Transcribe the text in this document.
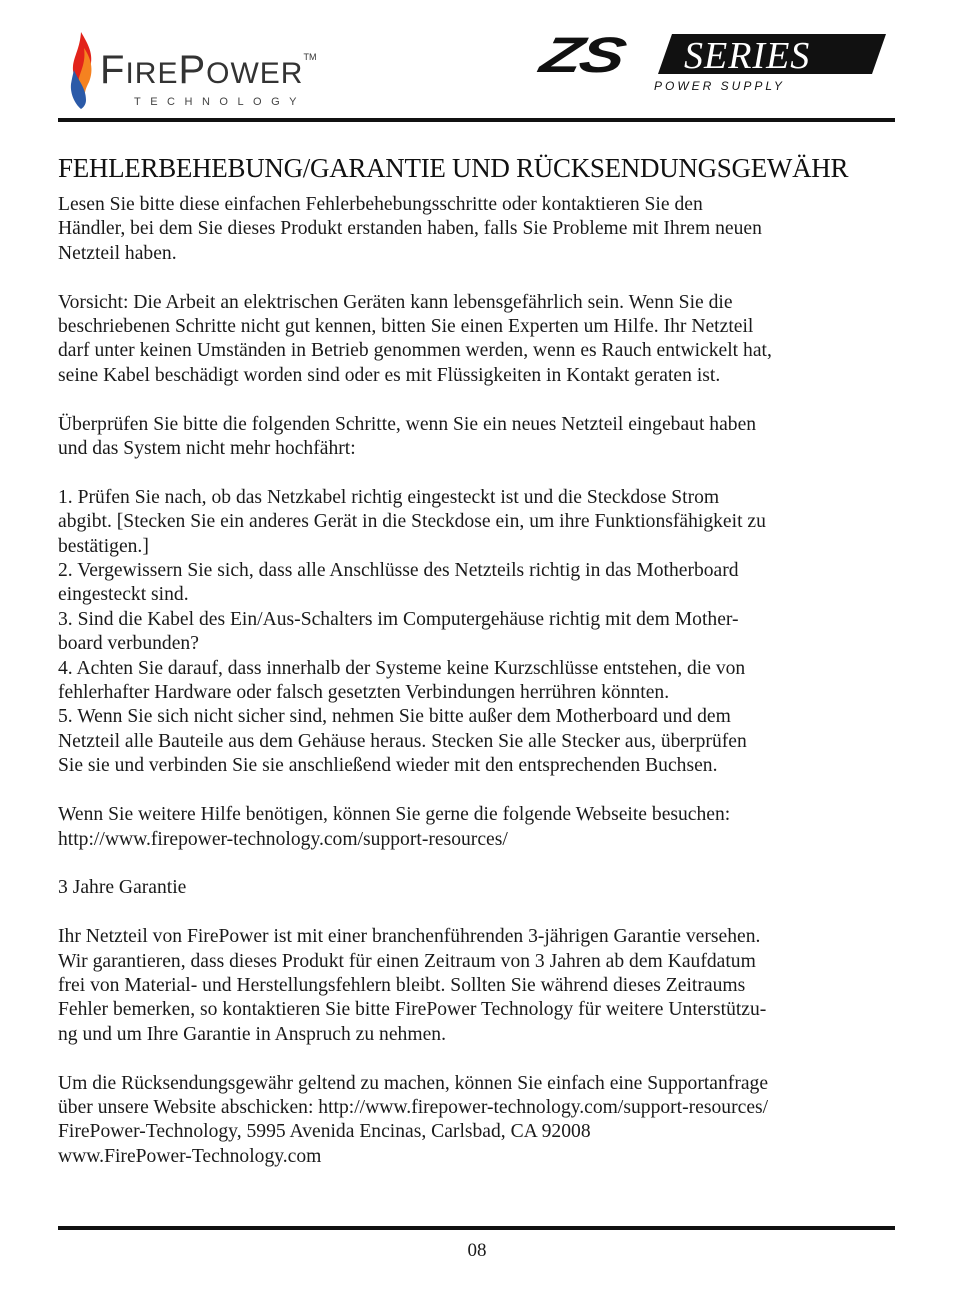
FIREPOWER™
TECHNOLOGY
ZS SERIES
POWER SUPPLY
FEHLERBEHEBUNG/GARANTIE UND RÜCKSENDUNGSGEWÄHR

Lesen Sie bitte diese einfachen Fehlerbehebungsschritte oder kontaktieren Sie den

Händler, bei dem Sie dieses Produkt erstanden haben, falls Sie Probleme mit Ihrem neuen

Netzteil haben.

Vorsicht: Die Arbeit an elektrischen Geräten kann lebensgefährlich sein. Wenn Sie die

beschriebenen Schritte nicht gut kennen, bitten Sie einen Experten um Hilfe. Ihr Netzteil

darf unter keinen Umständen in Betrieb genommen werden, wenn es Rauch entwickelt hat,

seine Kabel beschädigt worden sind oder es mit Flüssigkeiten in Kontakt geraten ist.

Überprüfen Sie bitte die folgenden Schritte, wenn Sie ein neues Netzteil eingebaut haben

und das System nicht mehr hochfährt:

1. Prüfen Sie nach, ob das Netzkabel richtig eingesteckt ist und die Steckdose Strom

abgibt. [Stecken Sie ein anderes Gerät in die Steckdose ein, um ihre Funktionsfähigkeit zu

bestätigen.]

2. Vergewissern Sie sich, dass alle Anschlüsse des Netzteils richtig in das Motherboard

eingesteckt sind.

3. Sind die Kabel des Ein/Aus-Schalters im Computergehäuse richtig mit dem Mother-

board verbunden?

4. Achten Sie darauf, dass innerhalb der Systeme keine Kurzschlüsse entstehen, die von

fehlerhafter Hardware oder falsch gesetzten Verbindungen herrühren könnten.

5. Wenn Sie sich nicht sicher sind, nehmen Sie bitte außer dem Motherboard und dem

Netzteil alle Bauteile aus dem Gehäuse heraus. Stecken Sie alle Stecker aus, überprüfen

Sie sie und verbinden Sie sie anschließend wieder mit den entsprechenden Buchsen.

Wenn Sie weitere Hilfe benötigen, können Sie gerne die folgende Webseite besuchen:

http://www.firepower-technology.com/support-resources/

3 Jahre Garantie

Ihr Netzteil von FirePower ist mit einer branchenführenden 3-jährigen Garantie versehen.

Wir garantieren, dass dieses Produkt für einen Zeitraum von 3 Jahren ab dem Kaufdatum

frei von Material- und Herstellungsfehlern bleibt. Sollten Sie während dieses Zeitraums

Fehler bemerken, so kontaktieren Sie bitte FirePower Technology für weitere Unterstützu-

ng und um Ihre Garantie in Anspruch zu nehmen.

Um die Rücksendungsgewähr geltend zu machen, können Sie einfach eine Supportanfrage

über unsere Website abschicken: http://www.firepower-technology.com/support-resources/

FirePower-Technology, 5995 Avenida Encinas, Carlsbad, CA 92008

www.FirePower-Technology.com

08
